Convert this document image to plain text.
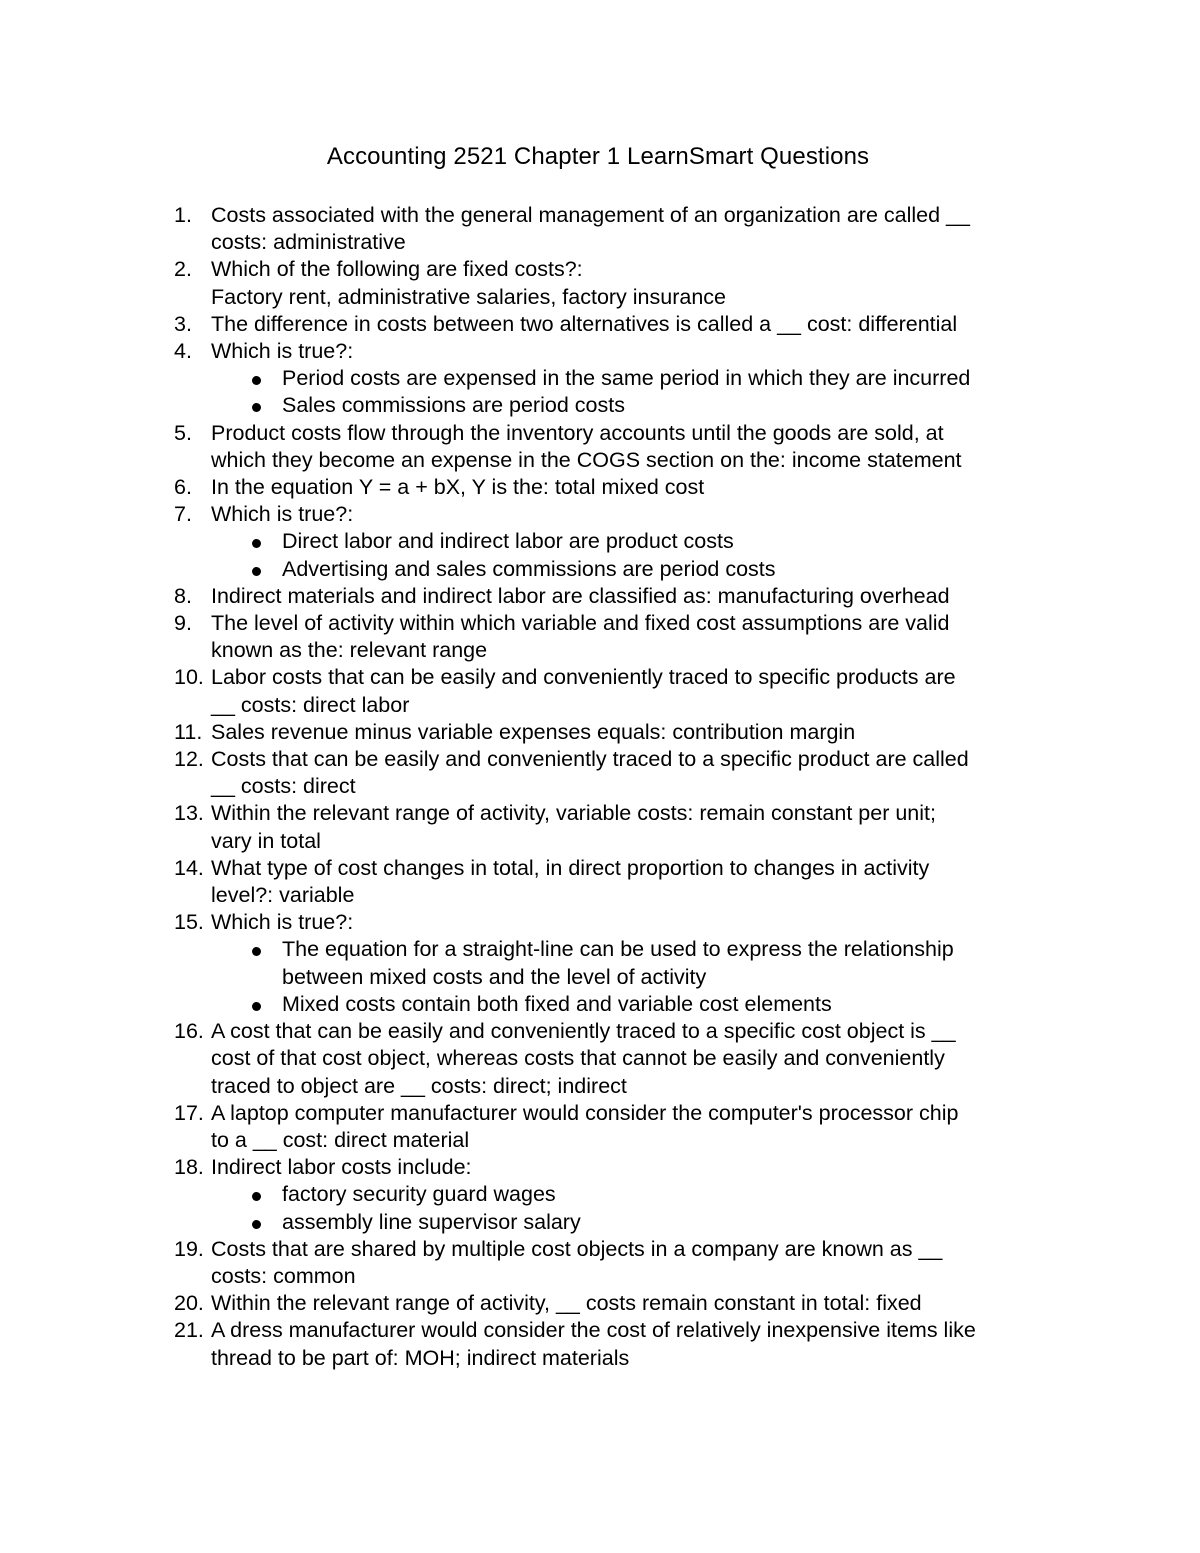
Accounting 2521 Chapter 1 LearnSmart Questions
1. Costs associated with the general management of an organization are called __
costs: administrative
2. Which of the following are fixed costs?:
Factory rent, administrative salaries, factory insurance
3. The difference in costs between two alternatives is called a __ cost: differential
4. Which is true?:
Period costs are expensed in the same period in which they are incurred
Sales commissions are period costs
5. Product costs flow through the inventory accounts until the goods are sold, at
which they become an expense in the COGS section on the: income statement
6. In the equation Y = a + bX, Y is the: total mixed cost
7. Which is true?:
Direct labor and indirect labor are product costs
Advertising and sales commissions are period costs
8. Indirect materials and indirect labor are classified as: manufacturing overhead
9. The level of activity within which variable and fixed cost assumptions are valid
known as the: relevant range
10. Labor costs that can be easily and conveniently traced to specific products are
__ costs: direct labor
11. Sales revenue minus variable expenses equals: contribution margin
12. Costs that can be easily and conveniently traced to a specific product are called
__ costs: direct
13. Within the relevant range of activity, variable costs: remain constant per unit;
vary in total
14. What type of cost changes in total, in direct proportion to changes in activity
level?: variable
15. Which is true?:
The equation for a straight-line can be used to express the relationship
between mixed costs and the level of activity
Mixed costs contain both fixed and variable cost elements
16. A cost that can be easily and conveniently traced to a specific cost object is __
cost of that cost object, whereas costs that cannot be easily and conveniently
traced to object are __ costs: direct; indirect
17. A laptop computer manufacturer would consider the computer's processor chip
to a __ cost: direct material
18. Indirect labor costs include:
factory security guard wages
assembly line supervisor salary
19. Costs that are shared by multiple cost objects in a company are known as __
costs: common
20. Within the relevant range of activity, __ costs remain constant in total: fixed
21. A dress manufacturer would consider the cost of relatively inexpensive items like
thread to be part of: MOH; indirect materials
